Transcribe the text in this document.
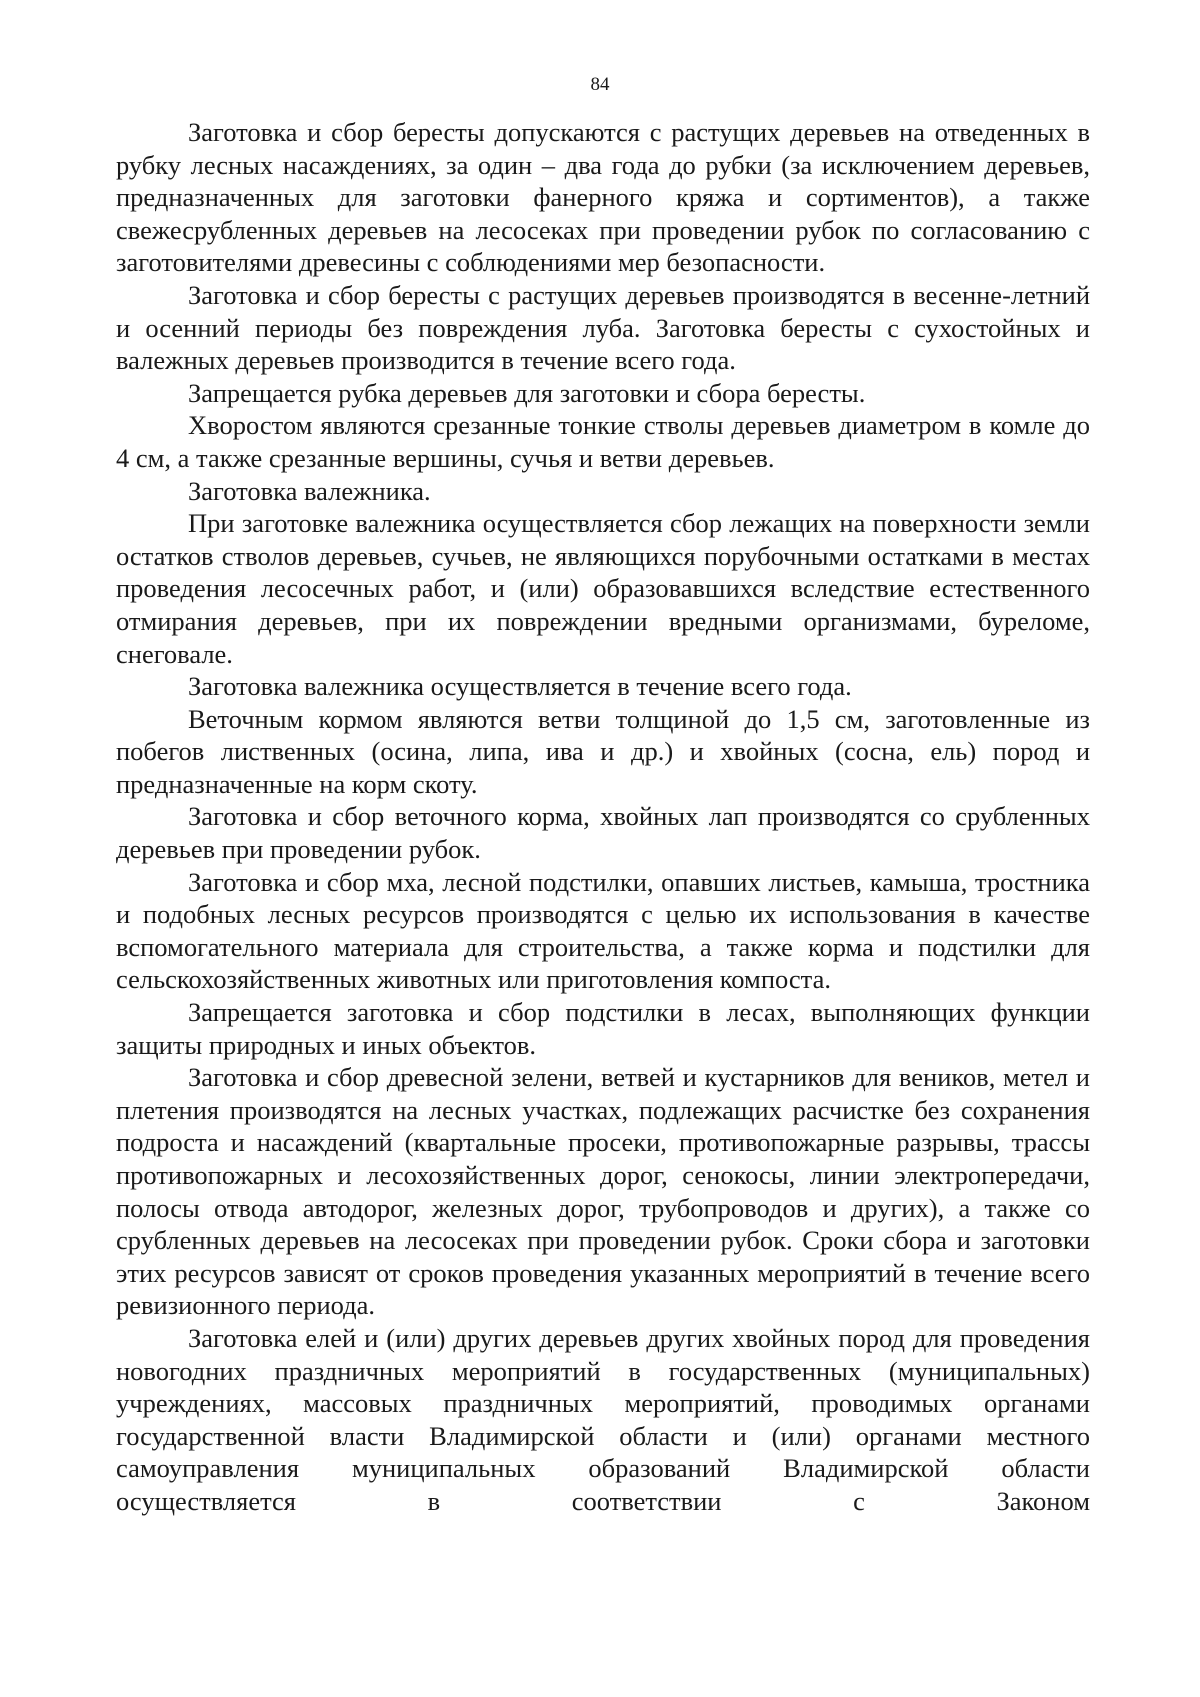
84

Заготовка и сбор бересты допускаются с растущих деревьев на отведенных в рубку лесных насаждениях, за один – два года до рубки (за исключением деревьев, предназначенных для заготовки фанерного кряжа и сортиментов), а также свежесрубленных деревьев на лесосеках при проведении рубок по согласованию с заготовителями древесины с соблюдениями мер безопасности.

Заготовка и сбор бересты с растущих деревьев производятся в весенне-летний и осенний периоды без повреждения луба. Заготовка бересты с сухостойных и валежных деревьев производится в течение всего года.

Запрещается рубка деревьев для заготовки и сбора бересты.

Хворостом являются срезанные тонкие стволы деревьев диаметром в комле до 4 см, а также срезанные вершины, сучья и ветви деревьев.

Заготовка валежника.

При заготовке валежника осуществляется сбор лежащих на поверхности земли остатков стволов деревьев, сучьев, не являющихся порубочными остатками в местах проведения лесосечных работ, и (или) образовавшихся вследствие естественного отмирания деревьев, при их повреждении вредными организмами, буреломе, снеговале.

Заготовка валежника осуществляется в течение всего года.

Веточным кормом являются ветви толщиной до 1,5 см, заготовленные из побегов лиственных (осина, липа, ива и др.) и хвойных (сосна, ель) пород и предназначенные на корм скоту.

Заготовка и сбор веточного корма, хвойных лап производятся со срубленных деревьев при проведении рубок.

Заготовка и сбор мха, лесной подстилки, опавших листьев, камыша, тростника и подобных лесных ресурсов производятся с целью их использования в качестве вспомогательного материала для строительства, а также корма и подстилки для сельскохозяйственных животных или приготовления компоста.

Запрещается заготовка и сбор подстилки в лесах, выполняющих функции защиты природных и иных объектов.

Заготовка и сбор древесной зелени, ветвей и кустарников для веников, метел и плетения производятся на лесных участках, подлежащих расчистке без сохранения подроста и насаждений (квартальные просеки, противопожарные разрывы, трассы противопожарных и лесохозяйственных дорог, сенокосы, линии электропередачи, полосы отвода автодорог, железных дорог, трубопроводов и других), а также со срубленных деревьев на лесосеках при проведении рубок. Сроки сбора и заготовки этих ресурсов зависят от сроков проведения указанных мероприятий в течение всего ревизионного периода.

Заготовка елей и (или) других деревьев других хвойных пород для проведения новогодних праздничных мероприятий в государственных (муниципальных) учреждениях, массовых праздничных мероприятий, проводимых органами государственной власти Владимирской области и (или) органами местного самоуправления муниципальных образований Владимирской области осуществляется в соответствии с Законом
